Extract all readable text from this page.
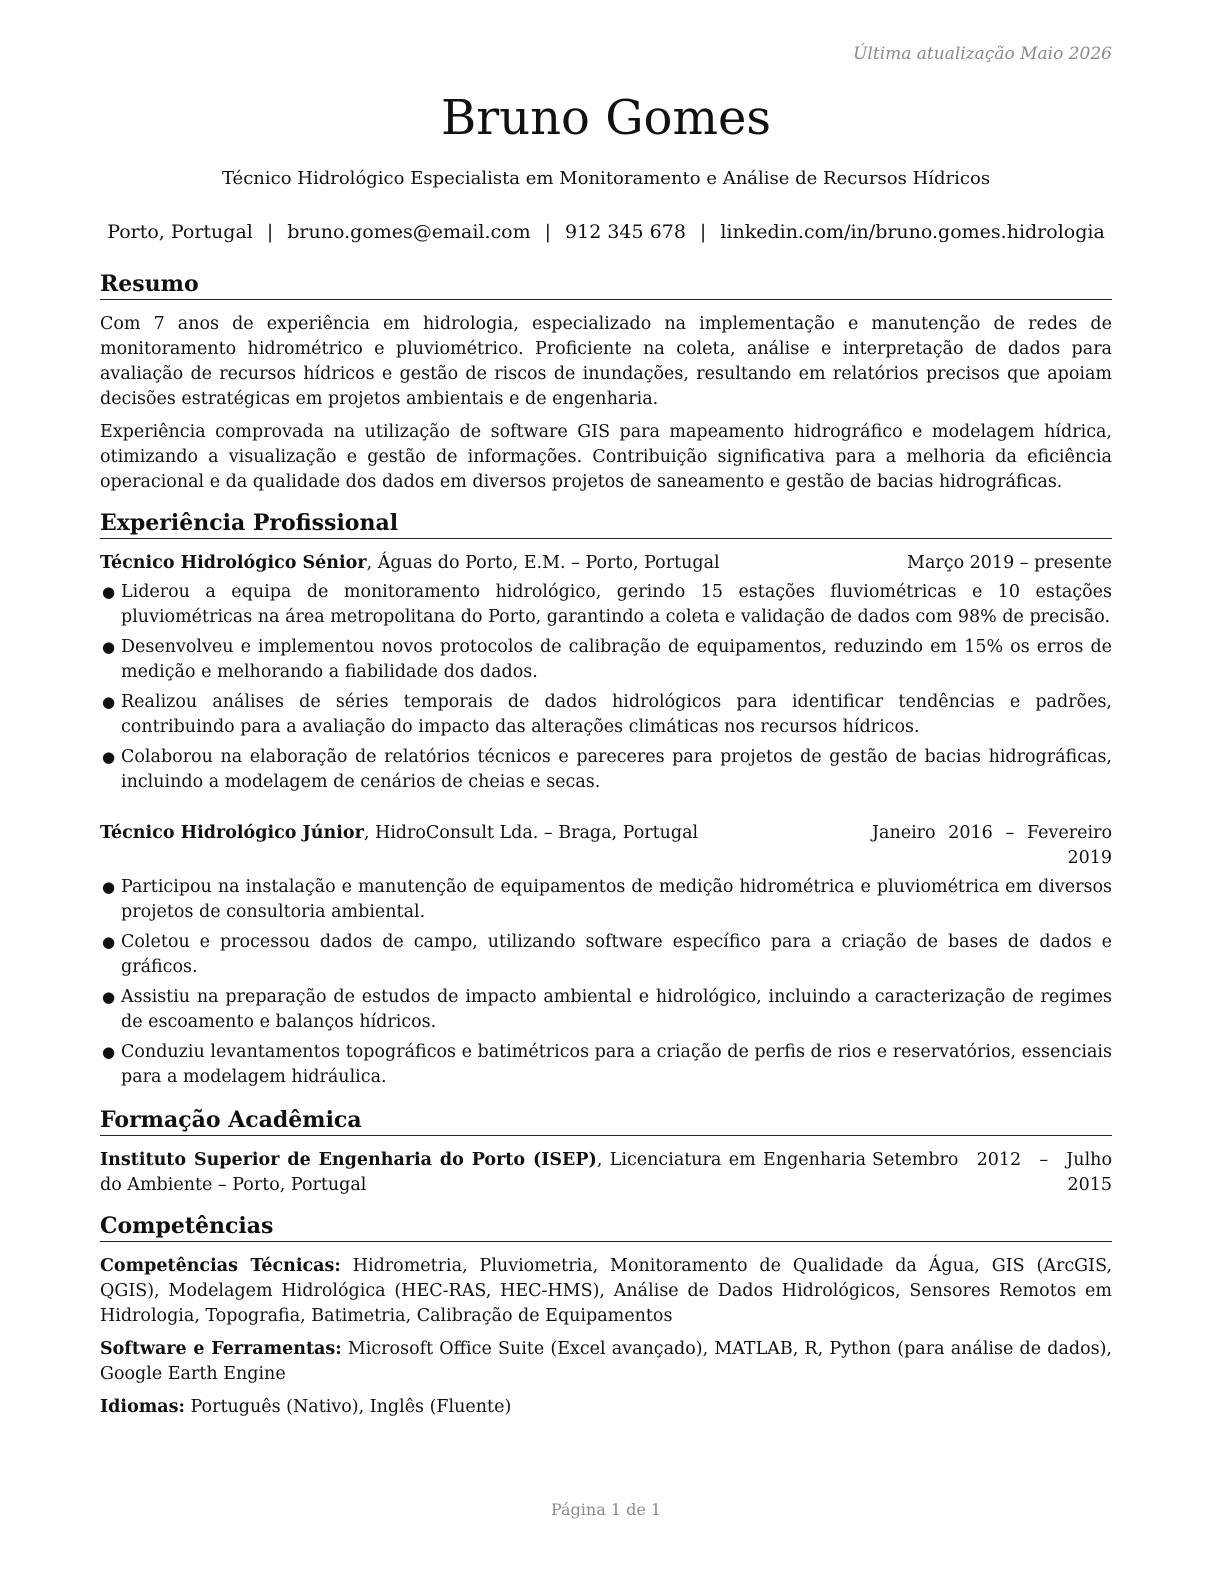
Última atualização Maio 2026
Bruno Gomes
Técnico Hidrológico Especialista em Monitoramento e Análise de Recursos Hídricos
Porto, Portugal | bruno.gomes@email.com | 912 345 678 | linkedin.com/in/bruno.gomes.hidrologia
Resumo

Com 7 anos de experiência em hidrologia, especializado na implementação e manutenção de redes de monitoramento hidrométrico e pluviométrico. Proficiente na coleta, análise e interpretação de dados para avaliação de recursos hídricos e gestão de riscos de inundações, resultando em relatórios precisos que apoiam decisões estratégicas em projetos ambientais e de engenharia.

Experiência comprovada na utilização de software GIS para mapeamento hidrográfico e modelagem hídrica, otimizando a visualização e gestão de informações. Contribuição significativa para a melhoria da eficiência operacional e da qualidade dos dados em diversos projetos de saneamento e gestão de bacias hidrográficas.

Experiência Profissional
Técnico Hidrológico Sénior, Águas do Porto, E.M. – Porto, Portugal	Março 2019 – presente
● Liderou a equipa de monitoramento hidrológico, gerindo 15 estações fluviométricas e 10 estações pluviométricas na área metropolitana do Porto, garantindo a coleta e validação de dados com 98% de precisão.
● Desenvolveu e implementou novos protocolos de calibração de equipamentos, reduzindo em 15% os erros de medição e melhorando a fiabilidade dos dados.
● Realizou análises de séries temporais de dados hidrológicos para identificar tendências e padrões, contribuindo para a avaliação do impacto das alterações climáticas nos recursos hídricos.
● Colaborou na elaboração de relatórios técnicos e pareceres para projetos de gestão de bacias hidrográficas, incluindo a modelagem de cenários de cheias e secas.
Técnico Hidrológico Júnior, HidroConsult Lda. – Braga, Portugal	Janeiro 2016 – Fevereiro 2019
● Participou na instalação e manutenção de equipamentos de medição hidrométrica e pluviométrica em diversos projetos de consultoria ambiental.
● Coletou e processou dados de campo, utilizando software específico para a criação de bases de dados e gráficos.
● Assistiu na preparação de estudos de impacto ambiental e hidrológico, incluindo a caracterização de regimes de escoamento e balanços hídricos.
● Conduziu levantamentos topográficos e batimétricos para a criação de perfis de rios e reservatórios, essenciais para a modelagem hidráulica.
Formação Acadêmica
Instituto Superior de Engenharia do Porto (ISEP), Licenciatura em Engenharia do Ambiente – Porto, Portugal
Setembro 2012 – Julho 2015
Competências

Competências Técnicas: Hidrometria, Pluviometria, Monitoramento de Qualidade da Água, GIS (ArcGIS, QGIS), Modelagem Hidrológica (HEC-RAS, HEC-HMS), Análise de Dados Hidrológicos, Sensores Remotos em Hidrologia, Topografia, Batimetria, Calibração de Equipamentos

Software e Ferramentas: Microsoft Office Suite (Excel avançado), MATLAB, R, Python (para análise de dados), Google Earth Engine

Idiomas: Português (Nativo), Inglês (Fluente)

Página 1 de 1
